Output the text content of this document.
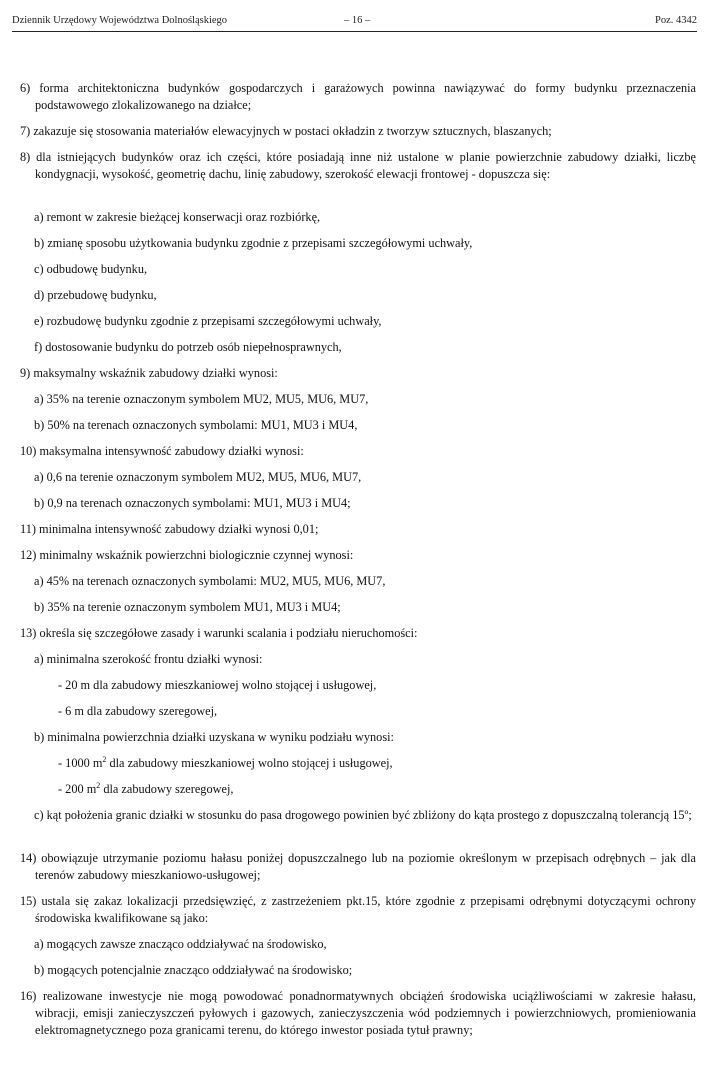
Dziennik Urzędowy Województwa Dolnośląskiego	– 16 –	Poz. 4342
6) forma architektoniczna budynków gospodarczych i garażowych powinna nawiązywać do formy budynku przeznaczenia podstawowego zlokalizowanego na działce;
7) zakazuje się stosowania materiałów elewacyjnych w postaci okładzin z tworzyw sztucznych, blaszanych;
8) dla istniejących budynków oraz ich części, które posiadają inne niż ustalone w planie powierzchnie zabudowy działki, liczbę kondygnacji, wysokość, geometrię dachu, linię zabudowy, szerokość elewacji frontowej - dopuszcza się:
a) remont w zakresie bieżącej konserwacji oraz rozbiórkę,
b) zmianę sposobu użytkowania budynku zgodnie z przepisami szczegółowymi uchwały,
c) odbudowę budynku,
d) przebudowę budynku,
e) rozbudowę budynku zgodnie z przepisami szczegółowymi uchwały,
f) dostosowanie budynku do potrzeb osób niepełnosprawnych,
9) maksymalny wskaźnik zabudowy działki wynosi:
a) 35% na terenie oznaczonym symbolem MU2, MU5, MU6, MU7,
b) 50% na terenach oznaczonych symbolami: MU1, MU3 i MU4,
10) maksymalna intensywność zabudowy działki wynosi:
a) 0,6 na terenie oznaczonym symbolem MU2, MU5, MU6, MU7,
b) 0,9 na terenach oznaczonych symbolami: MU1, MU3 i MU4;
11) minimalna intensywność zabudowy działki wynosi 0,01;
12) minimalny wskaźnik powierzchni biologicznie czynnej wynosi:
a) 45% na terenach oznaczonych symbolami: MU2, MU5, MU6, MU7,
b) 35% na terenie oznaczonym symbolem MU1, MU3 i MU4;
13) określa się szczegółowe zasady i warunki scalania i podziału nieruchomości:
a) minimalna szerokość frontu działki wynosi:
- 20 m dla zabudowy mieszkaniowej wolno stojącej i usługowej,
- 6 m dla zabudowy szeregowej,
b) minimalna powierzchnia działki uzyskana w wyniku podziału wynosi:
- 1000 $m^2$ dla zabudowy mieszkaniowej wolno stojącej i usługowej,
- 200 $m^2$ dla zabudowy szeregowej,
c) kąt położenia granic działki w stosunku do pasa drogowego powinien być zbliżony do kąta prostego z dopuszczalną tolerancją 15º;
14) obowiązuje utrzymanie poziomu hałasu poniżej dopuszczalnego lub na poziomie określonym w przepisach odrębnych – jak dla terenów zabudowy mieszkaniowo-usługowej;
15) ustala się zakaz lokalizacji przedsięwzięć, z zastrzeżeniem pkt.15, które zgodnie z przepisami odrębnymi dotyczącymi ochrony środowiska kwalifikowane są jako:
a) mogących zawsze znacząco oddziaływać na środowisko,
b) mogących potencjalnie znacząco oddziaływać na środowisko;
16) realizowane inwestycje nie mogą powodować ponadnormatywnych obciążeń środowiska uciążliwościami w zakresie hałasu, wibracji, emisji zanieczyszczeń pyłowych i gazowych, zanieczyszczenia wód podziemnych i powierzchniowych, promieniowania elektromagnetycznego poza granicami terenu, do którego inwestor posiada tytuł prawny;
